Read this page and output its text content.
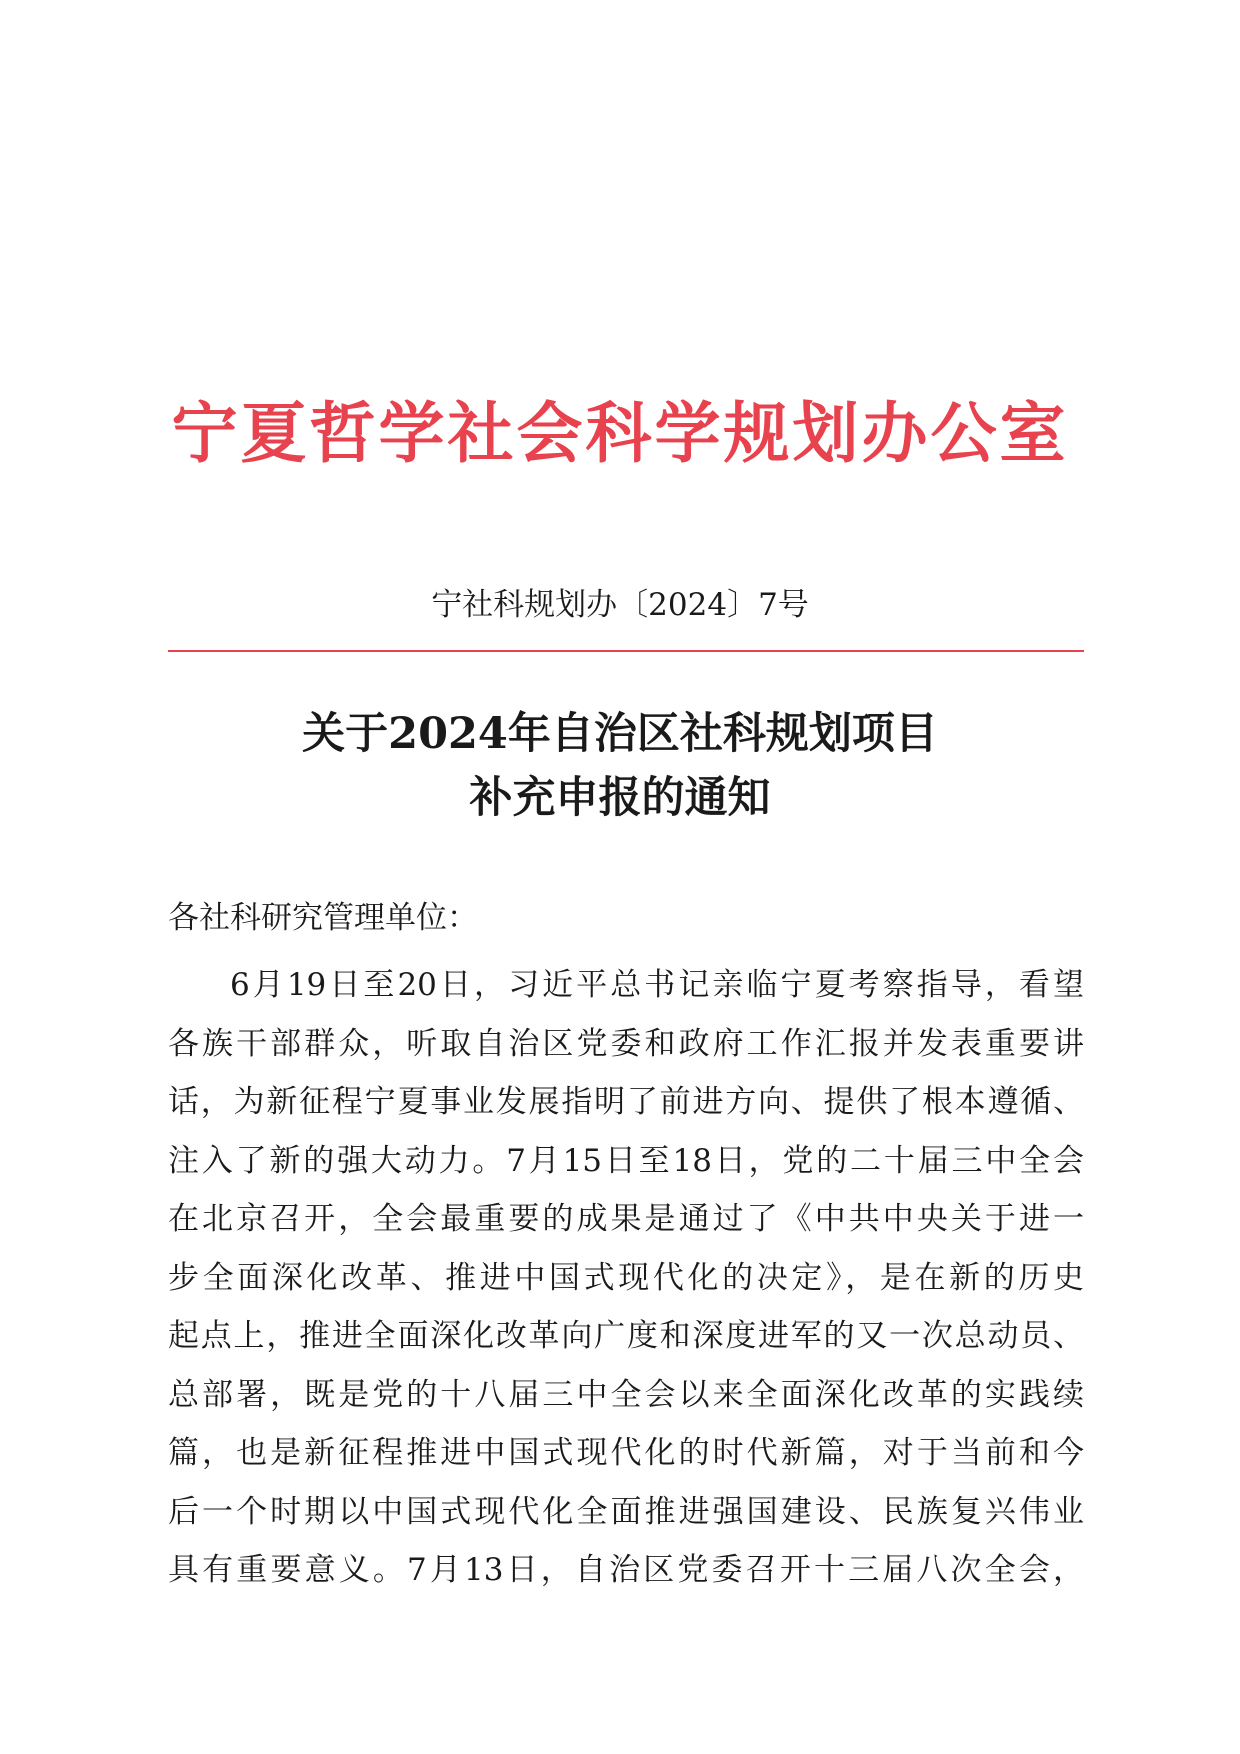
宁夏哲学社会科学规划办公室
宁社科规划办〔2024〕7号
关于2024年自治区社科规划项目
补充申报的通知
各社科研究管理单位：
6月19日至20日，习近平总书记亲临宁夏考察指导，看望
各族干部群众，听取自治区党委和政府工作汇报并发表重要讲
话，为新征程宁夏事业发展指明了前进方向、提供了根本遵循、
注入了新的强大动力。7月15日至18日，党的二十届三中全会
在北京召开，全会最重要的成果是通过了《中共中央关于进一
步全面深化改革、推进中国式现代化的决定》，是在新的历史
起点上，推进全面深化改革向广度和深度进军的又一次总动员、
总部署，既是党的十八届三中全会以来全面深化改革的实践续
篇，也是新征程推进中国式现代化的时代新篇，对于当前和今
后一个时期以中国式现代化全面推进强国建设、民族复兴伟业
具有重要意义。7月13日，自治区党委召开十三届八次全会，
